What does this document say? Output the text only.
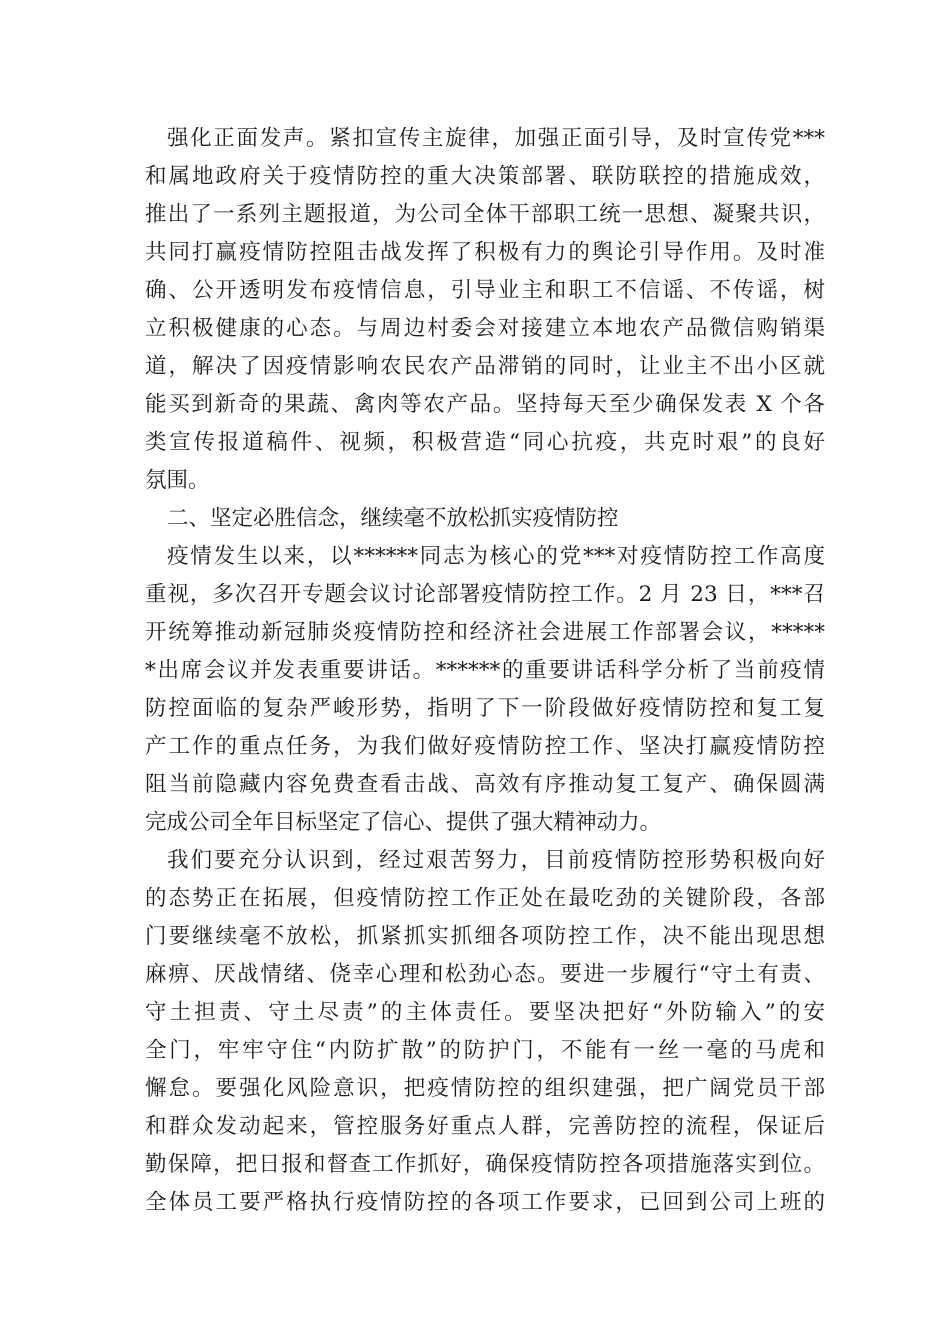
强化正面发声。紧扣宣传主旋律，加强正面引导，及时宣传党***
和属地政府关于疫情防控的重大决策部署、联防联控的措施成效，
推出了一系列主题报道，为公司全体干部职工统一思想、凝聚共识，
共同打赢疫情防控阻击战发挥了积极有力的舆论引导作用。及时准
确、公开透明发布疫情信息，引导业主和职工不信谣、不传谣，树
立积极健康的心态。与周边村委会对接建立本地农产品微信购销渠
道，解决了因疫情影响农民农产品滞销的同时，让业主不出小区就
能买到新奇的果蔬、禽肉等农产品。坚持每天至少确保发表 X 个各
类宣传报道稿件、视频，积极营造“同心抗疫，共克时艰”的良好
氛围。
二、坚定必胜信念，继续毫不放松抓实疫情防控
疫情发生以来，以******同志为核心的党***对疫情防控工作高度
重视，多次召开专题会议讨论部署疫情防控工作。2 月 23 日，***召
开统筹推动新冠肺炎疫情防控和经济社会进展工作部署会议，*****
*出席会议并发表重要讲话。******的重要讲话科学分析了当前疫情
防控面临的复杂严峻形势，指明了下一阶段做好疫情防控和复工复
产工作的重点任务，为我们做好疫情防控工作、坚决打赢疫情防控
阻当前隐藏内容免费查看击战、高效有序推动复工复产、确保圆满
完成公司全年目标坚定了信心、提供了强大精神动力。
我们要充分认识到，经过艰苦努力，目前疫情防控形势积极向好
的态势正在拓展，但疫情防控工作正处在最吃劲的关键阶段，各部
门要继续毫不放松，抓紧抓实抓细各项防控工作，决不能出现思想
麻痹、厌战情绪、侥幸心理和松劲心态。要进一步履行“守土有责、
守土担责、守土尽责”的主体责任。要坚决把好“外防输入”的安
全门，牢牢守住“内防扩散”的防护门，不能有一丝一毫的马虎和
懈怠。要强化风险意识，把疫情防控的组织建强，把广阔党员干部
和群众发动起来，管控服务好重点人群，完善防控的流程，保证后
勤保障，把日报和督查工作抓好，确保疫情防控各项措施落实到位。
全体员工要严格执行疫情防控的各项工作要求，已回到公司上班的
